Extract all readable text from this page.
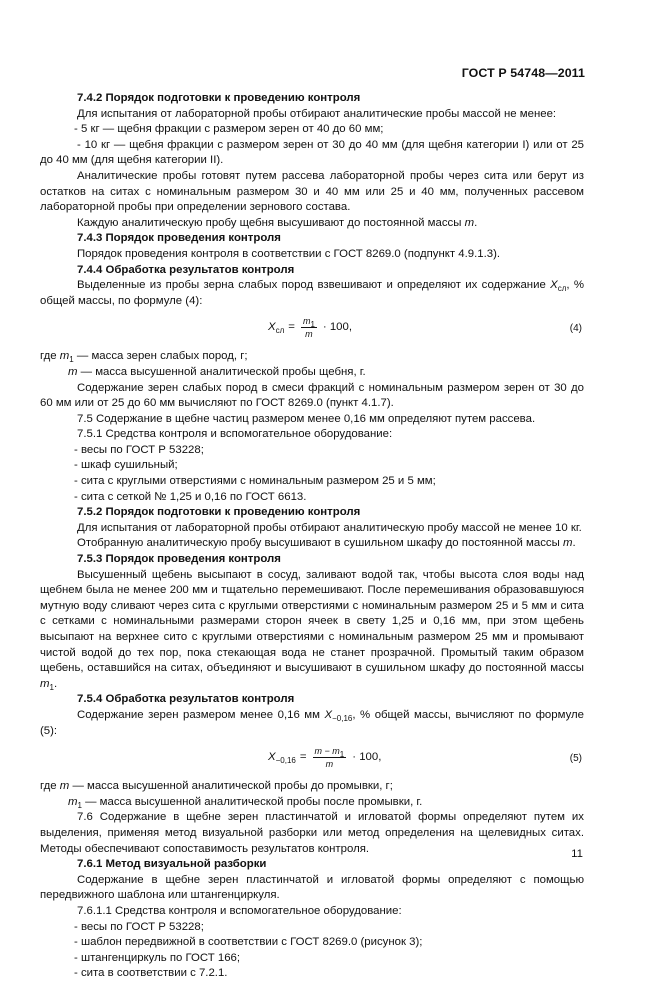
ГОСТ Р 54748—2011

7.4.2 Порядок подготовки к проведению контроля

Для испытания от лабораторной пробы отбирают аналитические пробы массой не менее:

- 5 кг — щебня фракции с размером зерен от 40 до 60 мм;

- 10 кг — щебня фракции с размером зерен от 30 до 40 мм (для щебня категории I) или от 25 до 40 мм (для щебня категории II).

Аналитические пробы готовят путем рассева лабораторной пробы через сита или берут из остатков на ситах с номинальным размером 30 и 40 мм или 25 и 40 мм, полученных рассевом лабораторной пробы при определении зернового состава.

Каждую аналитическую пробу щебня высушивают до постоянной массы m.

7.4.3 Порядок проведения контроля

Порядок проведения контроля в соответствии с ГОСТ 8269.0 (подпункт 4.9.1.3).

7.4.4 Обработка результатов контроля

Выделенные из пробы зерна слабых пород взвешивают и определяют их содержание $X_{сл}$, % общей массы, по формуле (4):

$X_{сл} = \frac{m_1}{m} \cdot 100$,	(4)

где $m_1$ — масса зерен слабых пород, г;

m — масса высушенной аналитической пробы щебня, г.

Содержание зерен слабых пород в смеси фракций с номинальным размером зерен от 30 до 60 мм или от 25 до 60 мм вычисляют по ГОСТ 8269.0 (пункт 4.1.7).

7.5 Содержание в щебне частиц размером менее 0,16 мм определяют путем рассева.

7.5.1 Средства контроля и вспомогательное оборудование:

- весы по ГОСТ Р 53228;

- шкаф сушильный;

- сита с круглыми отверстиями с номинальным размером 25 и 5 мм;

- сита с сеткой № 1,25 и 0,16 по ГОСТ 6613.

7.5.2 Порядок подготовки к проведению контроля

Для испытания от лабораторной пробы отбирают аналитическую пробу массой не менее 10 кг.

Отобранную аналитическую пробу высушивают в сушильном шкафу до постоянной массы m.

7.5.3 Порядок проведения контроля

Высушенный щебень высыпают в сосуд, заливают водой так, чтобы высота слоя воды над щебнем была не менее 200 мм и тщательно перемешивают. После перемешивания образовавшуюся мутную воду сливают через сита с круглыми отверстиями с номинальным размером 25 и 5 мм и сита с сетками с номинальными размерами сторон ячеек в свету 1,25 и 0,16 мм, при этом щебень высыпают на верхнее сито с круглыми отверстиями с номинальным размером 25 мм и промывают чистой водой до тех пор, пока стекающая вода не станет прозрачной. Промытый таким образом щебень, оставшийся на ситах, объединяют и высушивают в сушильном шкафу до постоянной массы $m_1$.

7.5.4 Обработка результатов контроля

Содержание зерен размером менее 0,16 мм $X_{-0,16}$, % общей массы, вычисляют по формуле (5):

$X_{-0,16} = \frac{m - m_1}{m} \cdot 100$,	(5)

где m — масса высушенной аналитической пробы до промывки, г;

$m_1$ — масса высушенной аналитической пробы после промывки, г.

7.6 Содержание в щебне зерен пластинчатой и игловатой формы определяют путем их выделения, применяя метод визуальной разборки или метод определения на щелевидных ситах. Методы обеспечивают сопоставимость результатов контроля.

7.6.1 Метод визуальной разборки

Содержание в щебне зерен пластинчатой и игловатой формы определяют с помощью передвижного шаблона или штангенциркуля.

7.6.1.1 Средства контроля и вспомогательное оборудование:

- весы по ГОСТ Р 53228;

- шаблон передвижной в соответствии с ГОСТ 8269.0 (рисунок 3);

- штангенциркуль по ГОСТ 166;

- сита в соответствии с 7.2.1.

11
